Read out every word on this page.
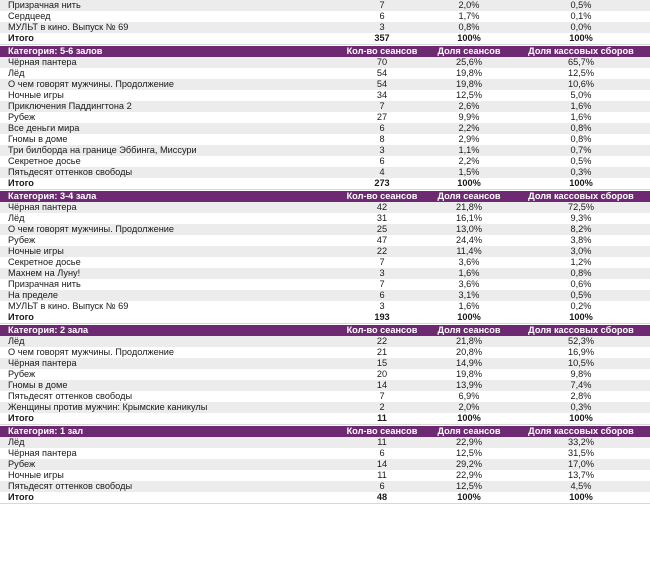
Призрачная нить	7	2,0%	0,5%
Сердцеед	6	1,7%	0,1%
МУЛЬТ в кино. Выпуск № 69	3	0,8%	0,0%
Итого	357	100%	100%
Категория: 5-6 залов	Кол-во сеансов	Доля сеансов	Доля кассовых сборов
Чёрная пантера	70	25,6%	65,7%
Лёд	54	19,8%	12,5%
О чем говорят мужчины. Продолжение	54	19,8%	10,6%
Ночные игры	34	12,5%	5,0%
Приключения Паддингтона 2	7	2,6%	1,6%
Рубеж	27	9,9%	1,6%
Все деньги мира	6	2,2%	0,8%
Гномы в доме	8	2,9%	0,8%
Три билборда на границе Эббинга, Миссури	3	1,1%	0,7%
Секретное досье	6	2,2%	0,5%
Пятьдесят оттенков свободы	4	1,5%	0,3%
Итого	273	100%	100%
Категория: 3-4 зала	Кол-во сеансов	Доля сеансов	Доля кассовых сборов
Чёрная пантера	42	21,8%	72,5%
Лёд	31	16,1%	9,3%
О чем говорят мужчины. Продолжение	25	13,0%	8,2%
Рубеж	47	24,4%	3,8%
Ночные игры	22	11,4%	3,0%
Секретное досье	7	3,6%	1,2%
Махнем на Луну!	3	1,6%	0,8%
Призрачная нить	7	3,6%	0,6%
На пределе	6	3,1%	0,5%
МУЛЬТ в кино. Выпуск № 69	3	1,6%	0,2%
Итого	193	100%	100%
Категория: 2 зала	Кол-во сеансов	Доля сеансов	Доля кассовых сборов
Лёд	22	21,8%	52,3%
О чем говорят мужчины. Продолжение	21	20,8%	16,9%
Чёрная пантера	15	14,9%	10,5%
Рубеж	20	19,8%	9,8%
Гномы в доме	14	13,9%	7,4%
Пятьдесят оттенков свободы	7	6,9%	2,8%
Женщины против мужчин: Крымские каникулы	2	2,0%	0,3%
Итого	11	100%	100%
Категория: 1 зал	Кол-во сеансов	Доля сеансов	Доля кассовых сборов
Лёд	11	22,9%	33,2%
Чёрная пантера	6	12,5%	31,5%
Рубеж	14	29,2%	17,0%
Ночные игры	11	22,9%	13,7%
Пятьдесят оттенков свободы	6	12,5%	4,5%
Итого	48	100%	100%
